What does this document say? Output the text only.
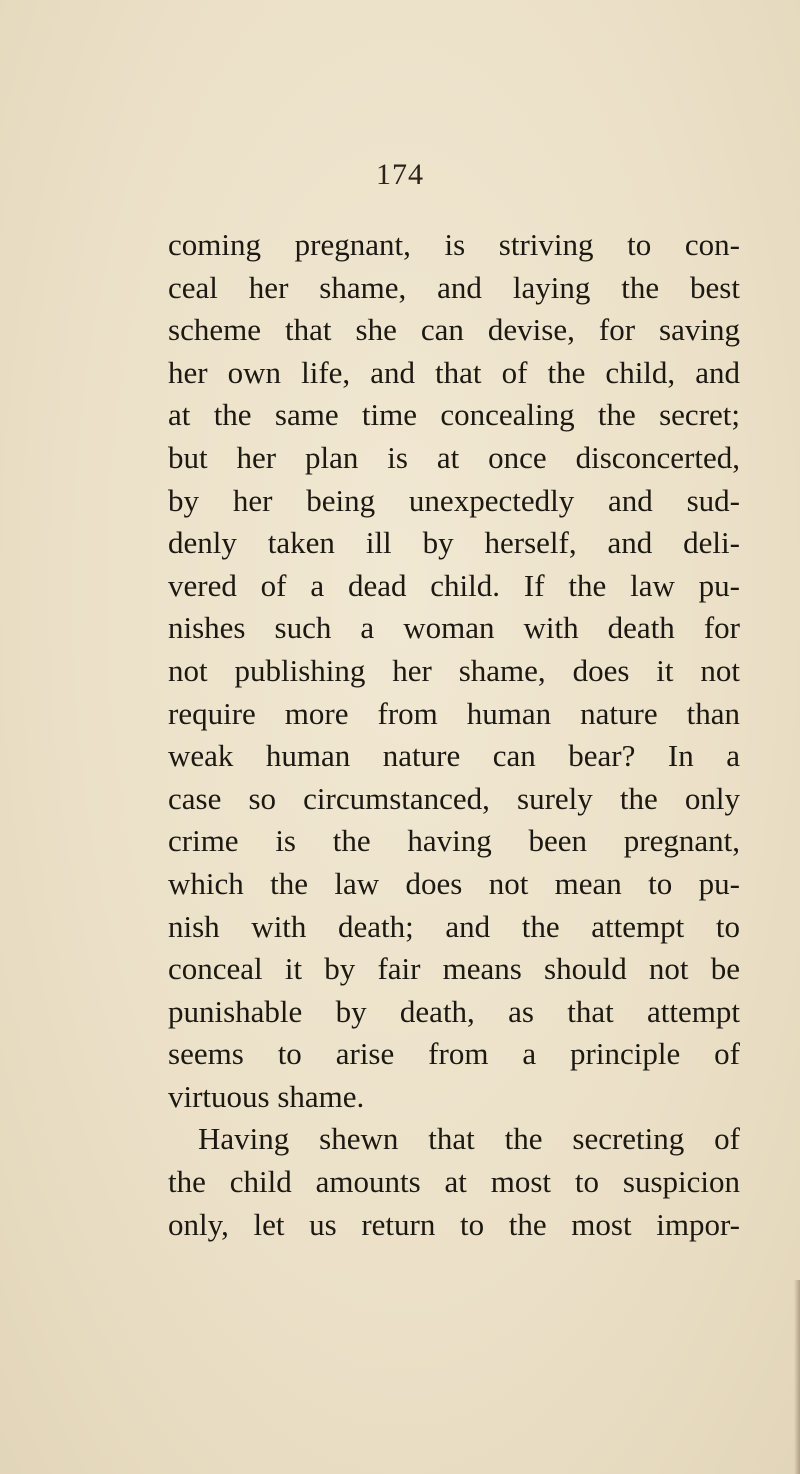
174
coming pregnant, is striving to con-
ceal her shame, and laying the best
scheme that she can devise, for saving
her own life, and that of the child, and
at the same time concealing the secret;
but her plan is at once disconcerted,
by her being unexpectedly and sud-
denly taken ill by herself, and deli-
vered of a dead child. If the law pu-
nishes such a woman with death for
not publishing her shame, does it not
require more from human nature than
weak human nature can bear? In a
case so circumstanced, surely the only
crime is the having been pregnant,
which the law does not mean to pu-
nish with death; and the attempt to
conceal it by fair means should not be
punishable by death, as that attempt
seems to arise from a principle of
virtuous shame.
Having shewn that the secreting of
the child amounts at most to suspicion
only, let us return to the most impor-
